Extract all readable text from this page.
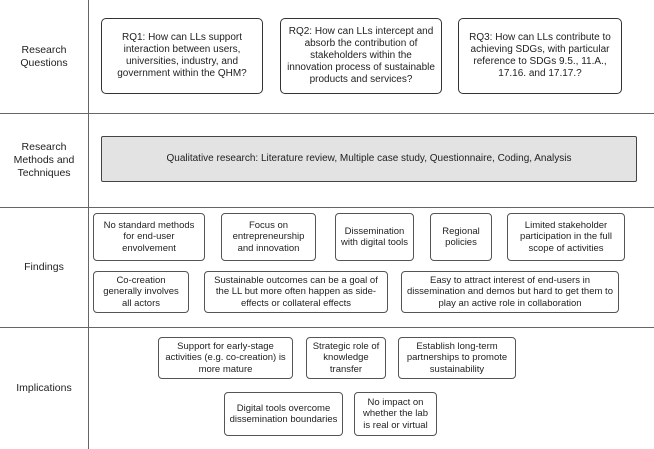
Research
Questions
Research
Methods and
Techniques
Findings
Implications
RQ1: How can LLs support interaction between users, universities, industry, and government within the QHM?
RQ2: How can LLs intercept and absorb the contribution of stakeholders within the innovation process of sustainable products and services?
RQ3: How can LLs contribute to achieving SDGs, with particular reference to SDGs 9.5., 11.A., 17.16. and 17.17.?
Qualitative research: Literature review, Multiple case study, Questionnaire, Coding, Analysis
No standard methods for end-user envolvement
Focus on entrepreneurship and innovation
Dissemination with digital tools
Regional policies
Limited stakeholder participation in the full scope of activities
Co-creation generally involves all actors
Sustainable outcomes can be a goal of the LL but more often happen as side-effects or collateral effects
Easy to attract interest of end-users in dissemination and demos but hard to get them to play an active role in collaboration
Support for early-stage activities (e.g. co-creation) is more mature
Strategic role of knowledge transfer
Establish long-term partnerships to promote sustainability
Digital tools overcome dissemination boundaries
No impact on whether the lab is real or virtual
